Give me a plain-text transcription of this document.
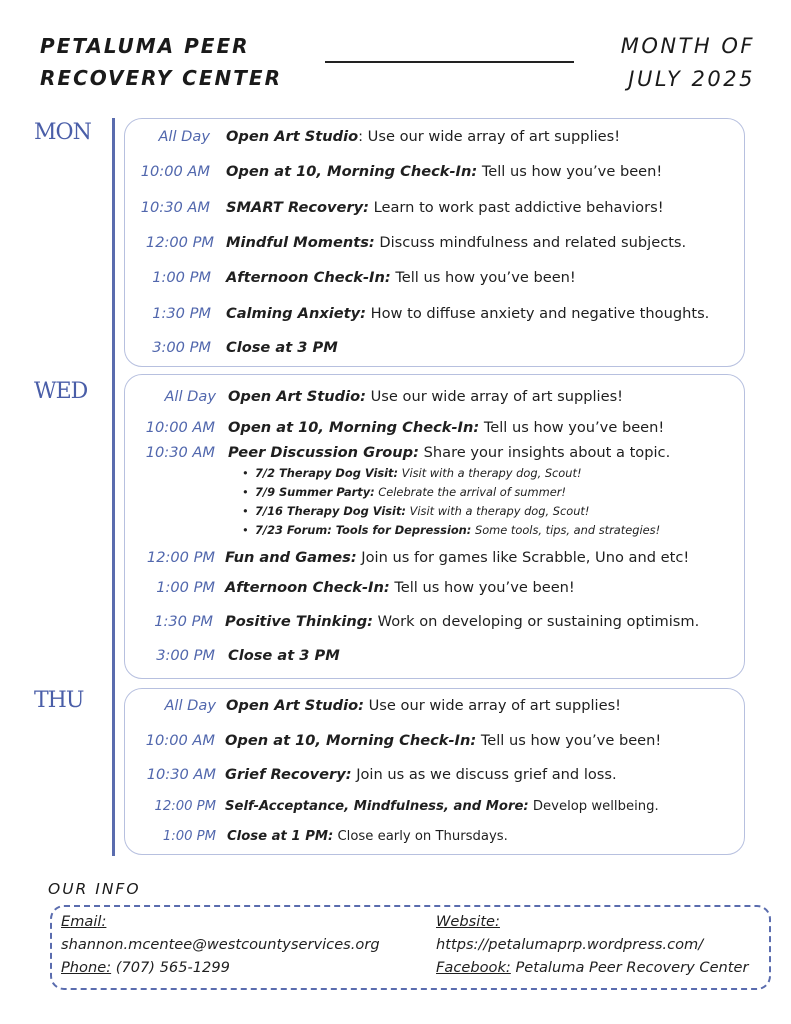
PETALUMA PEER
RECOVERY CENTER
MONTH OF
JULY 2025
MON	All Day Open Art Studio: Use our wide array of art supplies!
10:00 AM Open at 10, Morning Check-In: Tell us how you’ve been!
10:30 AM SMART Recovery: Learn to work past addictive behaviors!
12:00 PM Mindful Moments: Discuss mindfulness and related subjects.
1:00 PM Afternoon Check-In: Tell us how you’ve been!
1:30 PM Calming Anxiety: How to diffuse anxiety and negative thoughts.
3:00 PM Close at 3 PM
WED	All Day Open Art Studio: Use our wide array of art supplies!
10:00 AM Open at 10, Morning Check-In: Tell us how you’ve been!
10:30 AM Peer Discussion Group: Share your insights about a topic.
• 7/2 Therapy Dog Visit: Visit with a therapy dog, Scout!
• 7/9 Summer Party: Celebrate the arrival of summer!
• 7/16 Therapy Dog Visit: Visit with a therapy dog, Scout!
• 7/23 Forum: Tools for Depression: Some tools, tips, and strategies!
12:00 PM Fun and Games: Join us for games like Scrabble, Uno and etc!
1:00 PM Afternoon Check-In: Tell us how you’ve been!
1:30 PM Positive Thinking: Work on developing or sustaining optimism.
3:00 PM Close at 3 PM
THU	All Day Open Art Studio: Use our wide array of art supplies!
10:00 AM Open at 10, Morning Check-In: Tell us how you’ve been!
10:30 AM Grief Recovery: Join us as we discuss grief and loss.
12:00 PM Self-Acceptance, Mindfulness, and More: Develop wellbeing.
1:00 PM Close at 1 PM: Close early on Thursdays.
OUR INFO
Email:
shannon.mcentee@westcountyservices.org
Phone: (707) 565-1299
Website:
https://petalumaprp.wordpress.com/
Facebook: Petaluma Peer Recovery Center
